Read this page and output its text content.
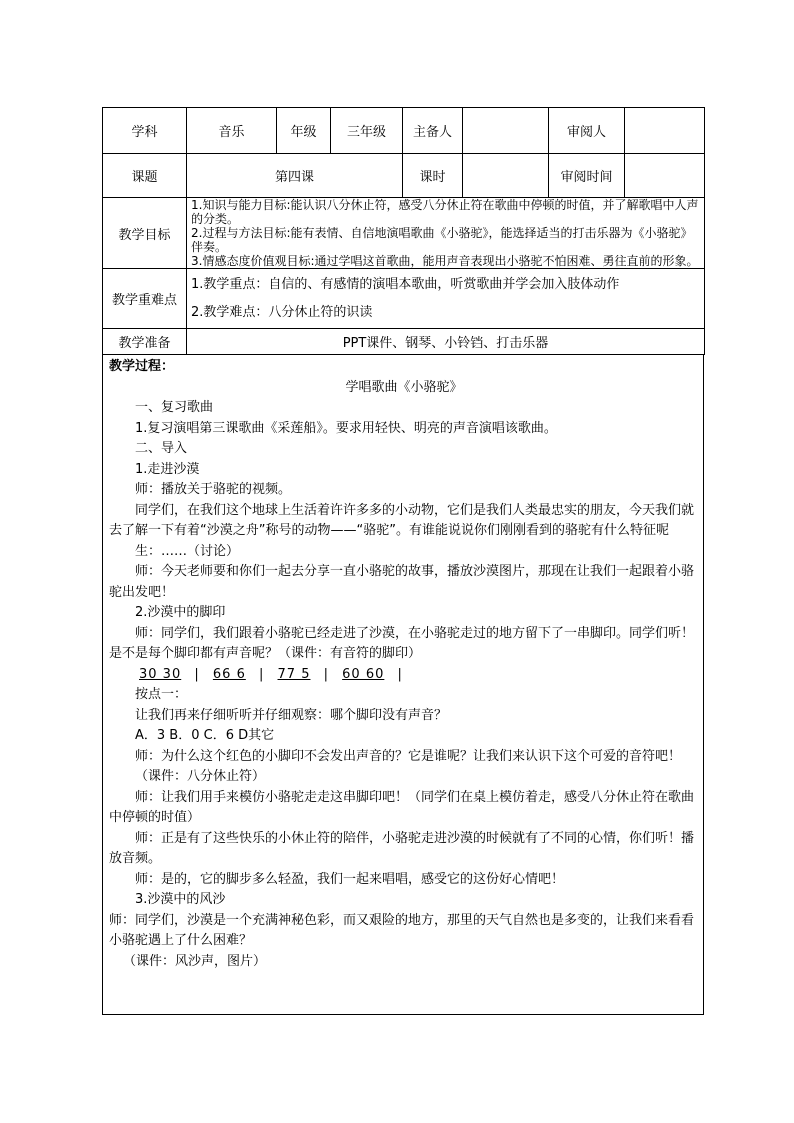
学科	音乐	年级	三年级	主备人		审阅人	
课题	第四课			课时		审阅时间	
教学目标	1.知识与能力目标:能认识八分休止符，感受八分休止符在歌曲中停顿的时值，并了解歌唱中人声的分类。
2.过程与方法目标:能有表情、自信地演唱歌曲《小骆驼》，能选择适当的打击乐器为《小骆驼》伴奏。
3.情感态度价值观目标:通过学唱这首歌曲，能用声音表现出小骆驼不怕困难、勇往直前的形象。						

教学重难点	1.教学重点：自信的、有感情的演唱本歌曲，听赏歌曲并学会加入肢体动作
2.教学难点：八分休止符的识读						

教学准备	PPT课件、钢琴、小铃铛、打击乐器						

教学过程：

学唱歌曲《小骆驼》

一、复习歌曲

1.复习演唱第三课歌曲《采莲船》。要求用轻快、明亮的声音演唱该歌曲。

二、导入

1.走进沙漠

师：播放关于骆驼的视频。

同学们，在我们这个地球上生活着许许多多的小动物，它们是我们人类最忠实的朋友，今天我们就去了解一下有着“沙漠之舟”称号的动物——“骆驼”。有谁能说说你们刚刚看到的骆驼有什么特征呢

生：……（讨论）

师：今天老师要和你们一起去分享一直小骆驼的故事，播放沙漠图片，那现在让我们一起跟着小骆驼出发吧！

2.沙漠中的脚印

师：同学们，我们跟着小骆驼已经走进了沙漠，在小骆驼走过的地方留下了一串脚印。同学们听！是不是每个脚印都有声音呢？（课件：有音符的脚印）

30 30 | 66 6 | 77 5 | 60 60 |

按点一：

让我们再来仔细听听并仔细观察：哪个脚印没有声音？

A．3 B．0 C．6 D其它

师：为什么这个红色的小脚印不会发出声音的？它是谁呢？让我们来认识下这个可爱的音符吧！

（课件：八分休止符）

师：让我们用手来模仿小骆驼走走这串脚印吧！（同学们在桌上模仿着走，感受八分休止符在歌曲中停顿的时值）

师：正是有了这些快乐的小休止符的陪伴，小骆驼走进沙漠的时候就有了不同的心情，你们听！播放音频。

师：是的，它的脚步多么轻盈，我们一起来唱唱，感受它的这份好心情吧！

3.沙漠中的风沙

师：同学们，沙漠是一个充满神秘色彩，而又艰险的地方，那里的天气自然也是多变的，让我们来看看小骆驼遇上了什么困难？

（课件：风沙声，图片）
